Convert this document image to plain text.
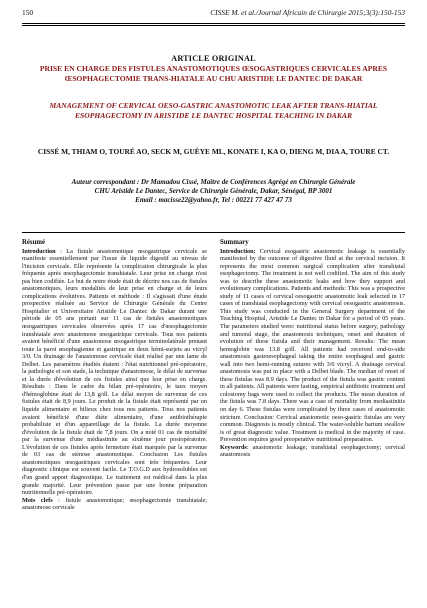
150	CISSE M. et al./Journal Africain de Chirurgie 2015;3(3):150-153
ARTICLE ORIGINAL
PRISE EN CHARGE DES FISTULES ANASTOMOTIQUES ŒSOGASTRIQUES CERVICALES APRES ŒSOPHAGECTOMIE TRANS-HIATALE AU CHU ARISTIDE LE DANTEC DE DAKAR
MANAGEMENT OF CERVICAL OESO-GASTRIC ANASTOMOTIC LEAK AFTER TRANS-HIATIAL ESOPHAGECTOMY IN ARISTIDE LE DANTEC HOSPITAL TEACHING IN DAKAR
CISSÉ M, THIAM O, TOURÉ AO, SECK M, GUÈYE ML, KONATE I, KA O, DIENG M, DIA A, TOURE CT.
Auteur correspondant : Dr Mamadou Cissé, Maître de Conférences Agrégé en Chirurgie Générale
CHU Aristide Le Dantec, Service de Chirurgie Générale, Dakar, Sénégal, BP 3001
Email : macisse22@yahoo.fr, Tel : 00221 77 427 47 73
Résumé

Introduction : La fistule anastomotique œsogastrique cervicale se manifeste essentiellement par l'issue de liquide digestif au niveau de l'incision cervicale. Elle représente la complication chirurgicale la plus fréquente après œsophagectomie transhiatale. Leur prise en charge n'est pas bien codifiée. Le but de notre étude était de décrire nos cas de fistules anastomotiques, leurs modalités de leur prise en charge et de leurs complications évolutives. Patients et méthode : Il s'agissait d'une étude prospective réalisée au Service de Chirurgie Générale du Centre Hospitalier et Universitaire Aristide Le Dantec de Dakar durant une période de 05 ans portant sur 11 cas de fistules anastomotiques œsogastriques cervicales observées après 17 cas d'œsophagectomie transhiatale avec anastomose œsogastrique cervicale. Tous nos patients avaient bénéficié d'une anastomose œsogastrique terminolatérale prenant toute la paroi œsophagienne et gastrique en deux hémi-surjets au vicryl 3/0. Un drainage de l'anastomose cervicale était réalisé par une lame de Delbet. Les paramètres étudiés étaient : l'état nutritionnel pré-opératoire, la pathologie et son stade, la technique d'anastomose, le délai de survenue et la durée d'évolution de ces fistules ainsi que leur prise en charge. Résultats : Dans le cadre du bilan pré-opératoire, le taux moyen d'hémoglobine était de 13,8 g/dl. Le délai moyen de survenue de ces fistules était de 8,9 jours. Le produit de la fistule était représenté par un liquide alimentaire et bilieux chez tous nos patients. Tous nos patients avaient bénéficié d'une diète alimentaire, d'une antibiothérapie probabiliste et d'un appareillage de la fistule. La durée moyenne d'évolution de la fistule était de 7,8 jours. On a noté 01 cas de mortalité par la survenue d'une médiastinite au sixième jour postopératoire. L'évolution de ces fistules après fermeture était marquée par la survenue de 03 cas de sténose anastomotique. Conclusion Les fistules anastomotiques œsogastriques cervicales sont très fréquentes. Leur diagnostic clinique est souvent facile. Le T.O.G.D aux hydrosolubles est d'un grand apport diagnostique. Le traitement est médical dans la plus grande majorité. Leur prévention passe par une bonne préparation nutritionnelle pré-opératoire.

Mots clefs : fistule anastomotique; œsophagectomie transhiatale; anastomose cervicale

Summary

Introduction: Cervical esogastric anastomotic leakage is essentially manifested by the outcome of digestive fluid at the cervical incision. It represents the most common surgical complication after transhiatal esophagectomy. The treatment is not well codified. The aim of this study was to describe these anastomotic leaks and how they support and evolutionary complications. Patients and methods: This was a prospective study of 11 cases of cervical oesogastric anastomotic leak selected in 17 cases of transhiatal esophagectomy with cervical oesogastric anastomosis. This study was conducted in the General Surgery department of the Teaching Hospital, Aristide Le Dantec in Dakar for a period of 05 years. The parameters studied were: nutritional status before surgery, pathology and tumoral stage, the anastomosis techniques, onset and duration of evolution of these fistula and their management. Results: The mean hemoglobin was 13.8 g/dl. All patients had received end-to-side anastomosis gastroesophageal taking the entire esophageal and gastric wall into two hemi-running sutures with 3/0 vicryl. A drainage cervical anastomosis was put in place with a Delbet blade. The median of onset of these fistulas was 8.9 days. The product of the fistula was gastric content in all patients. All patients were fasting, empirical antibiotic treatment and colostomy bags were used to collect the products. The mean duration of the fistula was 7.8 days. There was a case of mortality from mediastinitis on day 6. These fistulas were complicated by three cases of anastomotic stricture. Conclusion: Cervical anastomotic oeso-gastric fistulas are very common. Diagnosis is mostly clinical. The water-soluble barium swallow is of great diagnostic value. Treatment is medical in the majority of case. Prevention requires good preoperative nutritional preparation.

Keywords: anastomotic leakage; transhiatal esophagectomy; cervical anastomosis
